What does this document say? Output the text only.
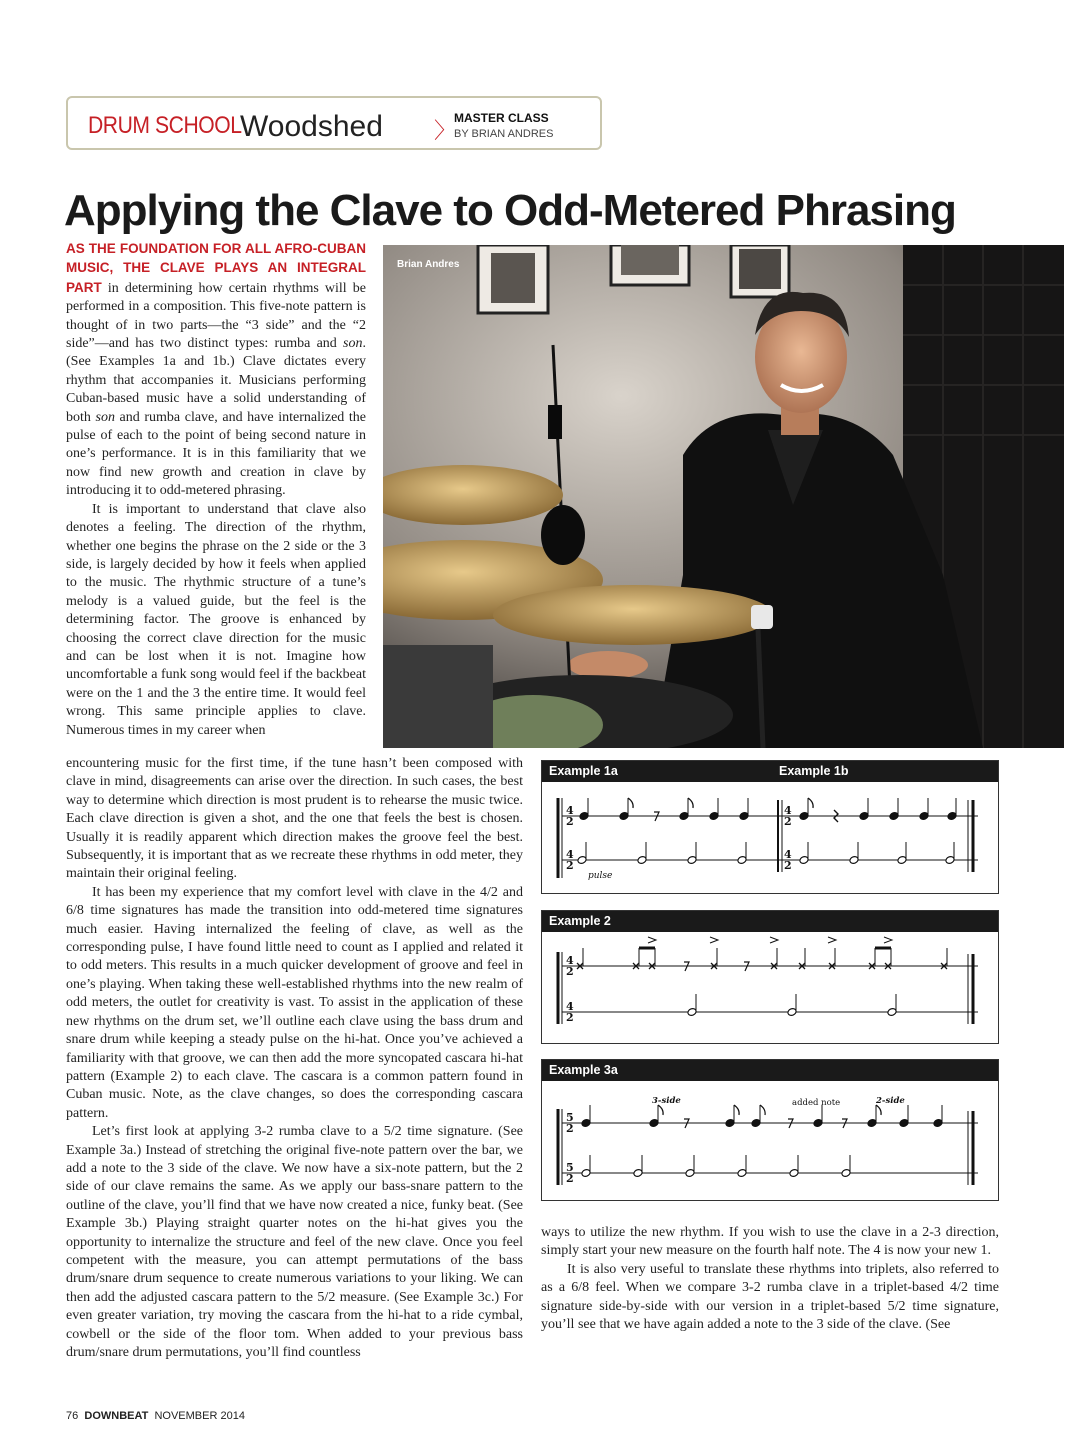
DRUM SCHOOL
Woodshed 〉
MASTER CLASS
BY BRIAN ANDRES
Applying the Clave to Odd-Metered Phrasing

AS THE FOUNDATION FOR ALL AFRO-CUBAN MUSIC, THE CLAVE PLAYS AN INTEGRAL PART in determining how certain rhythms will be performed in a composition. This five-note pattern is thought of in two parts—the “3 side” and the “2 side”—and has two distinct types: rumba and son. (See Examples 1a and 1b.) Clave dictates every rhythm that accompanies it. Musicians performing Cuban-based music have a solid understanding of both son and rumba clave, and have internalized the pulse of each to the point of being second nature in one’s performance. It is in this familiarity that we now find new growth and creation in clave by introducing it to odd-metered phrasing.

It is important to understand that clave also denotes a feeling. The direction of the rhythm, whether one begins the phrase on the 2 side or the 3 side, is largely decided by how it feels when applied to the music. The rhythmic structure of a tune’s melody is a valued guide, but the feel is the determining factor. The groove is enhanced by choosing the correct clave direction for the music and can be lost when it is not. Imagine how uncomfortable a funk song would feel if the backbeat were on the 1 and the 3 the entire time. It would feel wrong. This same principle applies to clave. Numerous times in my career when

Brian Andres

encountering music for the first time, if the tune hasn’t been composed with clave in mind, disagreements can arise over the direction. In such cases, the best way to determine which direction is most prudent is to rehearse the music twice. Each clave direction is given a shot, and the one that feels the best is chosen. Usually it is readily apparent which direction makes the groove feel the best. Subsequently, it is important that as we recreate these rhythms in odd meter, they maintain their original feeling.

It has been my experience that my comfort level with clave in the 4/2 and 6/8 time signatures has made the transition into odd-metered time signatures much easier. Having internalized the feeling of clave, as well as the corresponding pulse, I have found little need to count as I applied and related it to odd meters. This results in a much quicker development of groove and feel in one’s playing. When taking these well-established rhythms into the new realm of odd meters, the outlet for creativity is vast. To assist in the application of these new rhythms on the drum set, we’ll outline each clave using the bass drum and snare drum while keeping a steady pulse on the hi-hat. Once you’ve achieved a familiarity with that groove, we can then add the more syncopated cascara hi-hat pattern (Example 2) to each clave. The cascara is a common pattern found in Cuban music. Note, as the clave changes, so does the corresponding cascara pattern.

Let’s first look at applying 3-2 rumba clave to a 5/2 time signature. (See Example 3a.) Instead of stretching the original five-note pattern over the bar, we add a note to the 3 side of the clave. We now have a six-note pattern, but the 2 side of our clave remains the same. As we apply our bass-snare pattern to the outline of the clave, you’ll find that we have now created a nice, funky beat. (See Example 3b.) Playing straight quarter notes on the hi-hat gives you the opportunity to internalize the structure and feel of the new clave. Once you feel competent with the measure, you can attempt permutations of the bass drum/snare drum sequence to create numerous variations to your liking. We can then add the adjusted cascara pattern to the 5/2 measure. (See Example 3c.) For even greater variation, try moving the cascara from the hi-hat to a ride cymbal, cowbell or the side of the floor tom. When added to your previous bass drum/snare drum permutations, you’ll find countless

Example 1a	Example 1b
4
2
4
2
4
2
4
2
pulse
Example 2
4
2
4
2
Example 3a
5
2
5
2
3-side	added note	2-side

ways to utilize the new rhythm. If you wish to use the clave in a 2-3 direction, simply start your new measure on the fourth half note. The 4 is now your new 1.

It is also very useful to translate these rhythms into triplets, also referred to as a 6/8 feel. When we compare 3-2 rumba clave in a triplet-based 4/2 time signature side-by-side with our version in a triplet-based 5/2 time signature, you’ll see that we have again added a note to the 3 side of the clave. (See

76 DOWNBEAT NOVEMBER 2014
